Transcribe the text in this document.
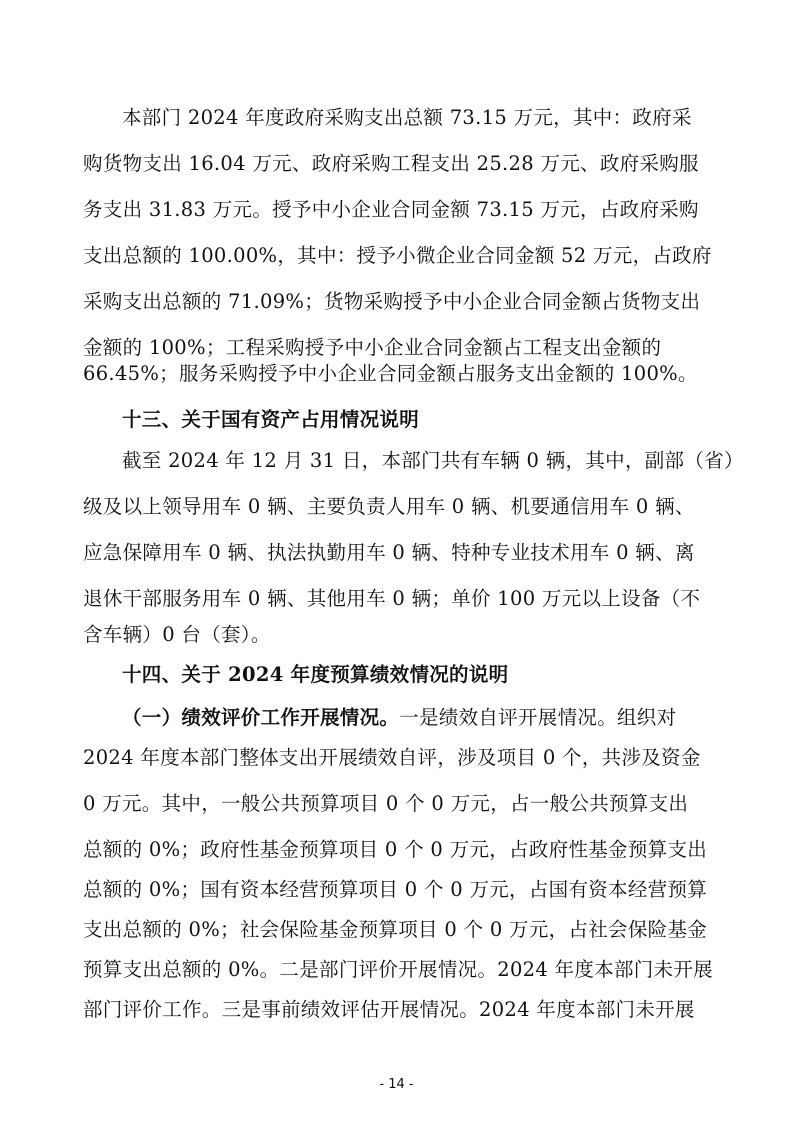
本部门 2024 年度政府采购支出总额 73.15 万元，其中：政府采
购货物支出 16.04 万元、政府采购工程支出 25.28 万元、政府采购服
务支出 31.83 万元。授予中小企业合同金额 73.15 万元，占政府采购
支出总额的 100.00%，其中：授予小微企业合同金额 52 万元，占政府
采购支出总额的 71.09%；货物采购授予中小企业合同金额占货物支出
金额的 100%；工程采购授予中小企业合同金额占工程支出金额的
66.45%；服务采购授予中小企业合同金额占服务支出金额的 100%。
十三、关于国有资产占用情况说明
截至 2024 年 12 月 31 日，本部门共有车辆 0 辆，其中，副部（省）
级及以上领导用车 0 辆、主要负责人用车 0 辆、机要通信用车 0 辆、
应急保障用车 0 辆、执法执勤用车 0 辆、特种专业技术用车 0 辆、离
退休干部服务用车 0 辆、其他用车 0 辆；单价 100 万元以上设备（不
含车辆）0 台（套）。
十四、关于 2024 年度预算绩效情况的说明
（一）绩效评价工作开展情况。一是绩效自评开展情况。组织对
2024 年度本部门整体支出开展绩效自评，涉及项目 0 个，共涉及资金
0 万元。其中，一般公共预算项目 0 个 0 万元，占一般公共预算支出
总额的 0%；政府性基金预算项目 0 个 0 万元，占政府性基金预算支出
总额的 0%；国有资本经营预算项目 0 个 0 万元，占国有资本经营预算
支出总额的 0%；社会保险基金预算项目 0 个 0 万元，占社会保险基金
预算支出总额的 0%。二是部门评价开展情况。2024 年度本部门未开展
部门评价工作。三是事前绩效评估开展情况。2024 年度本部门未开展
- 14 -
